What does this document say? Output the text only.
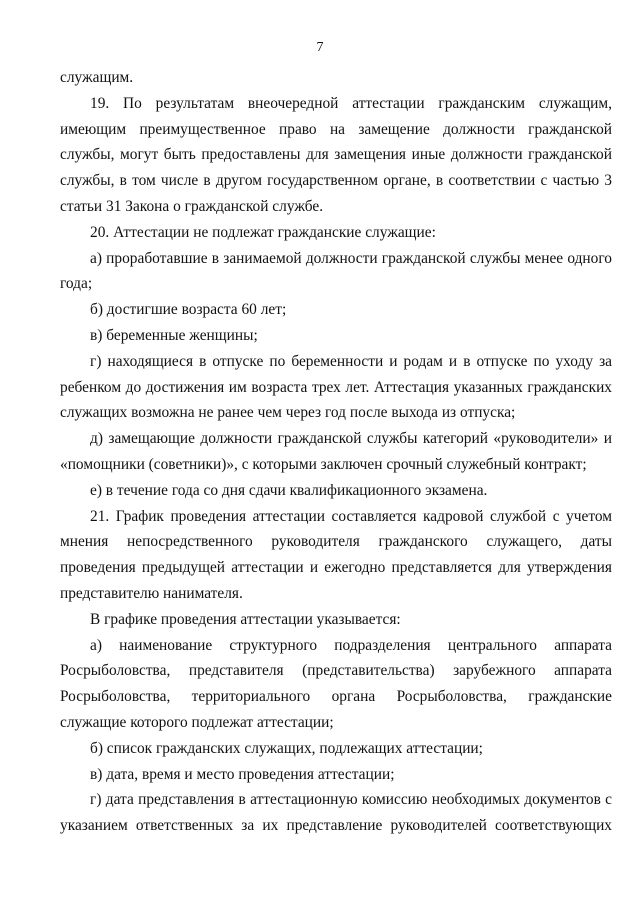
7

служащим.

19. По результатам внеочередной аттестации гражданским служащим, имеющим преимущественное право на замещение должности гражданской службы, могут быть предоставлены для замещения иные должности гражданской службы, в том числе в другом государственном органе, в соответствии с частью 3 статьи 31 Закона о гражданской службе.

20. Аттестации не подлежат гражданские служащие:

а) проработавшие в занимаемой должности гражданской службы менее одного года;

б) достигшие возраста 60 лет;

в) беременные женщины;

г) находящиеся в отпуске по беременности и родам и в отпуске по уходу за ребенком до достижения им возраста трех лет. Аттестация указанных гражданских служащих возможна не ранее чем через год после выхода из отпуска;

д) замещающие должности гражданской службы категорий «руководители» и «помощники (советники)», с которыми заключен срочный служебный контракт;

е) в течение года со дня сдачи квалификационного экзамена.

21. График проведения аттестации составляется кадровой службой с учетом мнения непосредственного руководителя гражданского служащего, даты проведения предыдущей аттестации и ежегодно представляется для утверждения представителю нанимателя.

В графике проведения аттестации указывается:

а) наименование структурного подразделения центрального аппарата Росрыболовства, представителя (представительства) зарубежного аппарата Росрыболовства, территориального органа Росрыболовства, гражданские служащие которого подлежат аттестации;

б) список гражданских служащих, подлежащих аттестации;

в) дата, время и место проведения аттестации;

г) дата представления в аттестационную комиссию необходимых документов с указанием ответственных за их представление руководителей соответствующих
